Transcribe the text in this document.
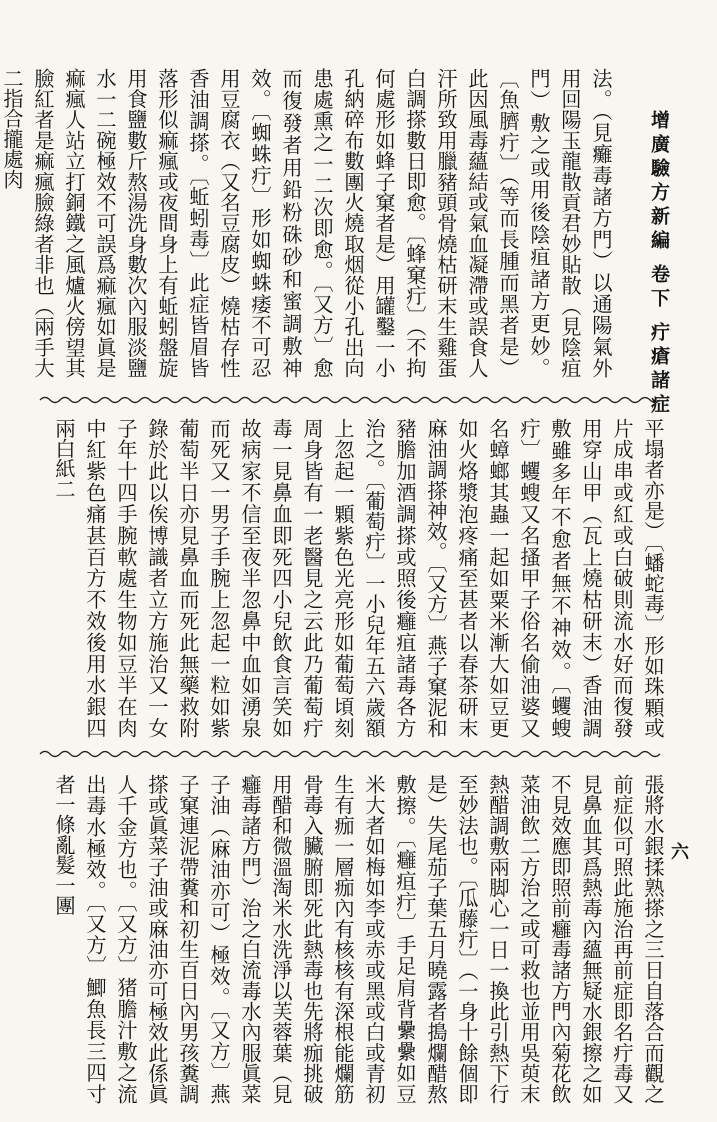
增廣驗方新編卷下疔瘡諸症
法。（見癱毒諸方門）以通陽氣外用回陽玉龍散貢君妙貼散（見陰疽門）敷之或用後陰疽諸方更妙。〔魚臍疔〕（等而長腫而黑者是）此因風毒蘊結或氣血凝滯或誤食人汗所致用臘豬頭骨燒枯研末生雞蛋白調搽數日即愈。〔蜂窠疔〕（不拘何處形如蜂子窠者是）用罐鑿一小孔納碎布數團火燒取烟從小孔出向患處熏之一二次即愈。〔又方〕愈而復發者用鉛粉硃砂和蜜調敷神效。〔蜘蛛疔〕形如蜘蛛痿不可忍用豆腐衣（又名豆腐皮）燒枯存性香油調搽。〔蚯蚓毒〕此症皆眉皆落形似痲瘋或夜間身上有蚯蚓盤旋用食鹽數斤熬湯洗身數次內服淡鹽水一二碗極效不可誤爲痲瘋如眞是痲瘋人站立打銅鐵之風爐火傍望其臉紅者是痲瘋臉綠者非也（兩手大二指合攏處肉
平塌者亦是）〔蟠蛇毒〕形如珠顆或片成串或紅或白破則流水好而復發用穿山甲（瓦上燒枯研末）香油調敷雖多年不愈者無不神效。〔蠼螋疔〕蠼螋又名搔甲子俗名偷油婆又名蟑螂其蟲一起如粟米漸大如豆更如火烙漿泡疼痛至甚者以春茶研末麻油調搽神效。〔又方〕燕子窠泥和豬膽加酒調搽或照後癰疽諸毒各方治之。〔葡萄疔〕一小兒年五六歲額上忽起一顆紫色光亮形如葡萄頃刻周身皆有一老醫見之云此乃葡萄疔毒一見鼻血即死四小兒飲食言笑如故病家不信至夜半忽鼻中血如湧泉而死又一男子手腕上忽起一粒如紫葡萄半日亦見鼻血而死此無藥救附錄於此以俟博識者立方施治又一女子年十四手腕軟處生物如豆半在肉中紅紫色痛甚百方不效後用水銀四兩白紙二
張將水銀揉熟搽之三日自落合而觀之前症似可照此施治再前症即名疔毒又見鼻血其爲熱毒內蘊無疑水銀擦之如不見效應即照前癰毒諸方門內菊花飲菜油飲二方治之或可救也並用吳萸末熱醋調敷兩脚心一日一換此引熱下行至妙法也。〔瓜藤疔〕（一身十餘個即是）失尾茄子葉五月曉露者搗爛醋熬敷擦。〔癰疽疔〕手足肩背纍纍如豆米大者如梅如李或赤或黑或白或青初生有痂一層痂內有核核有深根能爛筋骨毒入臟腑即死此熱毒也先將痂挑破用醋和微溫淘米水洗淨以芙蓉葉（見癰毒諸方門）治之白流毒水內服眞菜子油（麻油亦可）極效。〔又方〕燕子窠連泥帶糞和初生百日內男孩糞調搽或眞菜子油或麻油亦可極效此係眞人千金方也。〔又方〕猪膽汁敷之流出毒水極效。〔又方〕鯽魚長三四寸者一條亂髮一團	六
